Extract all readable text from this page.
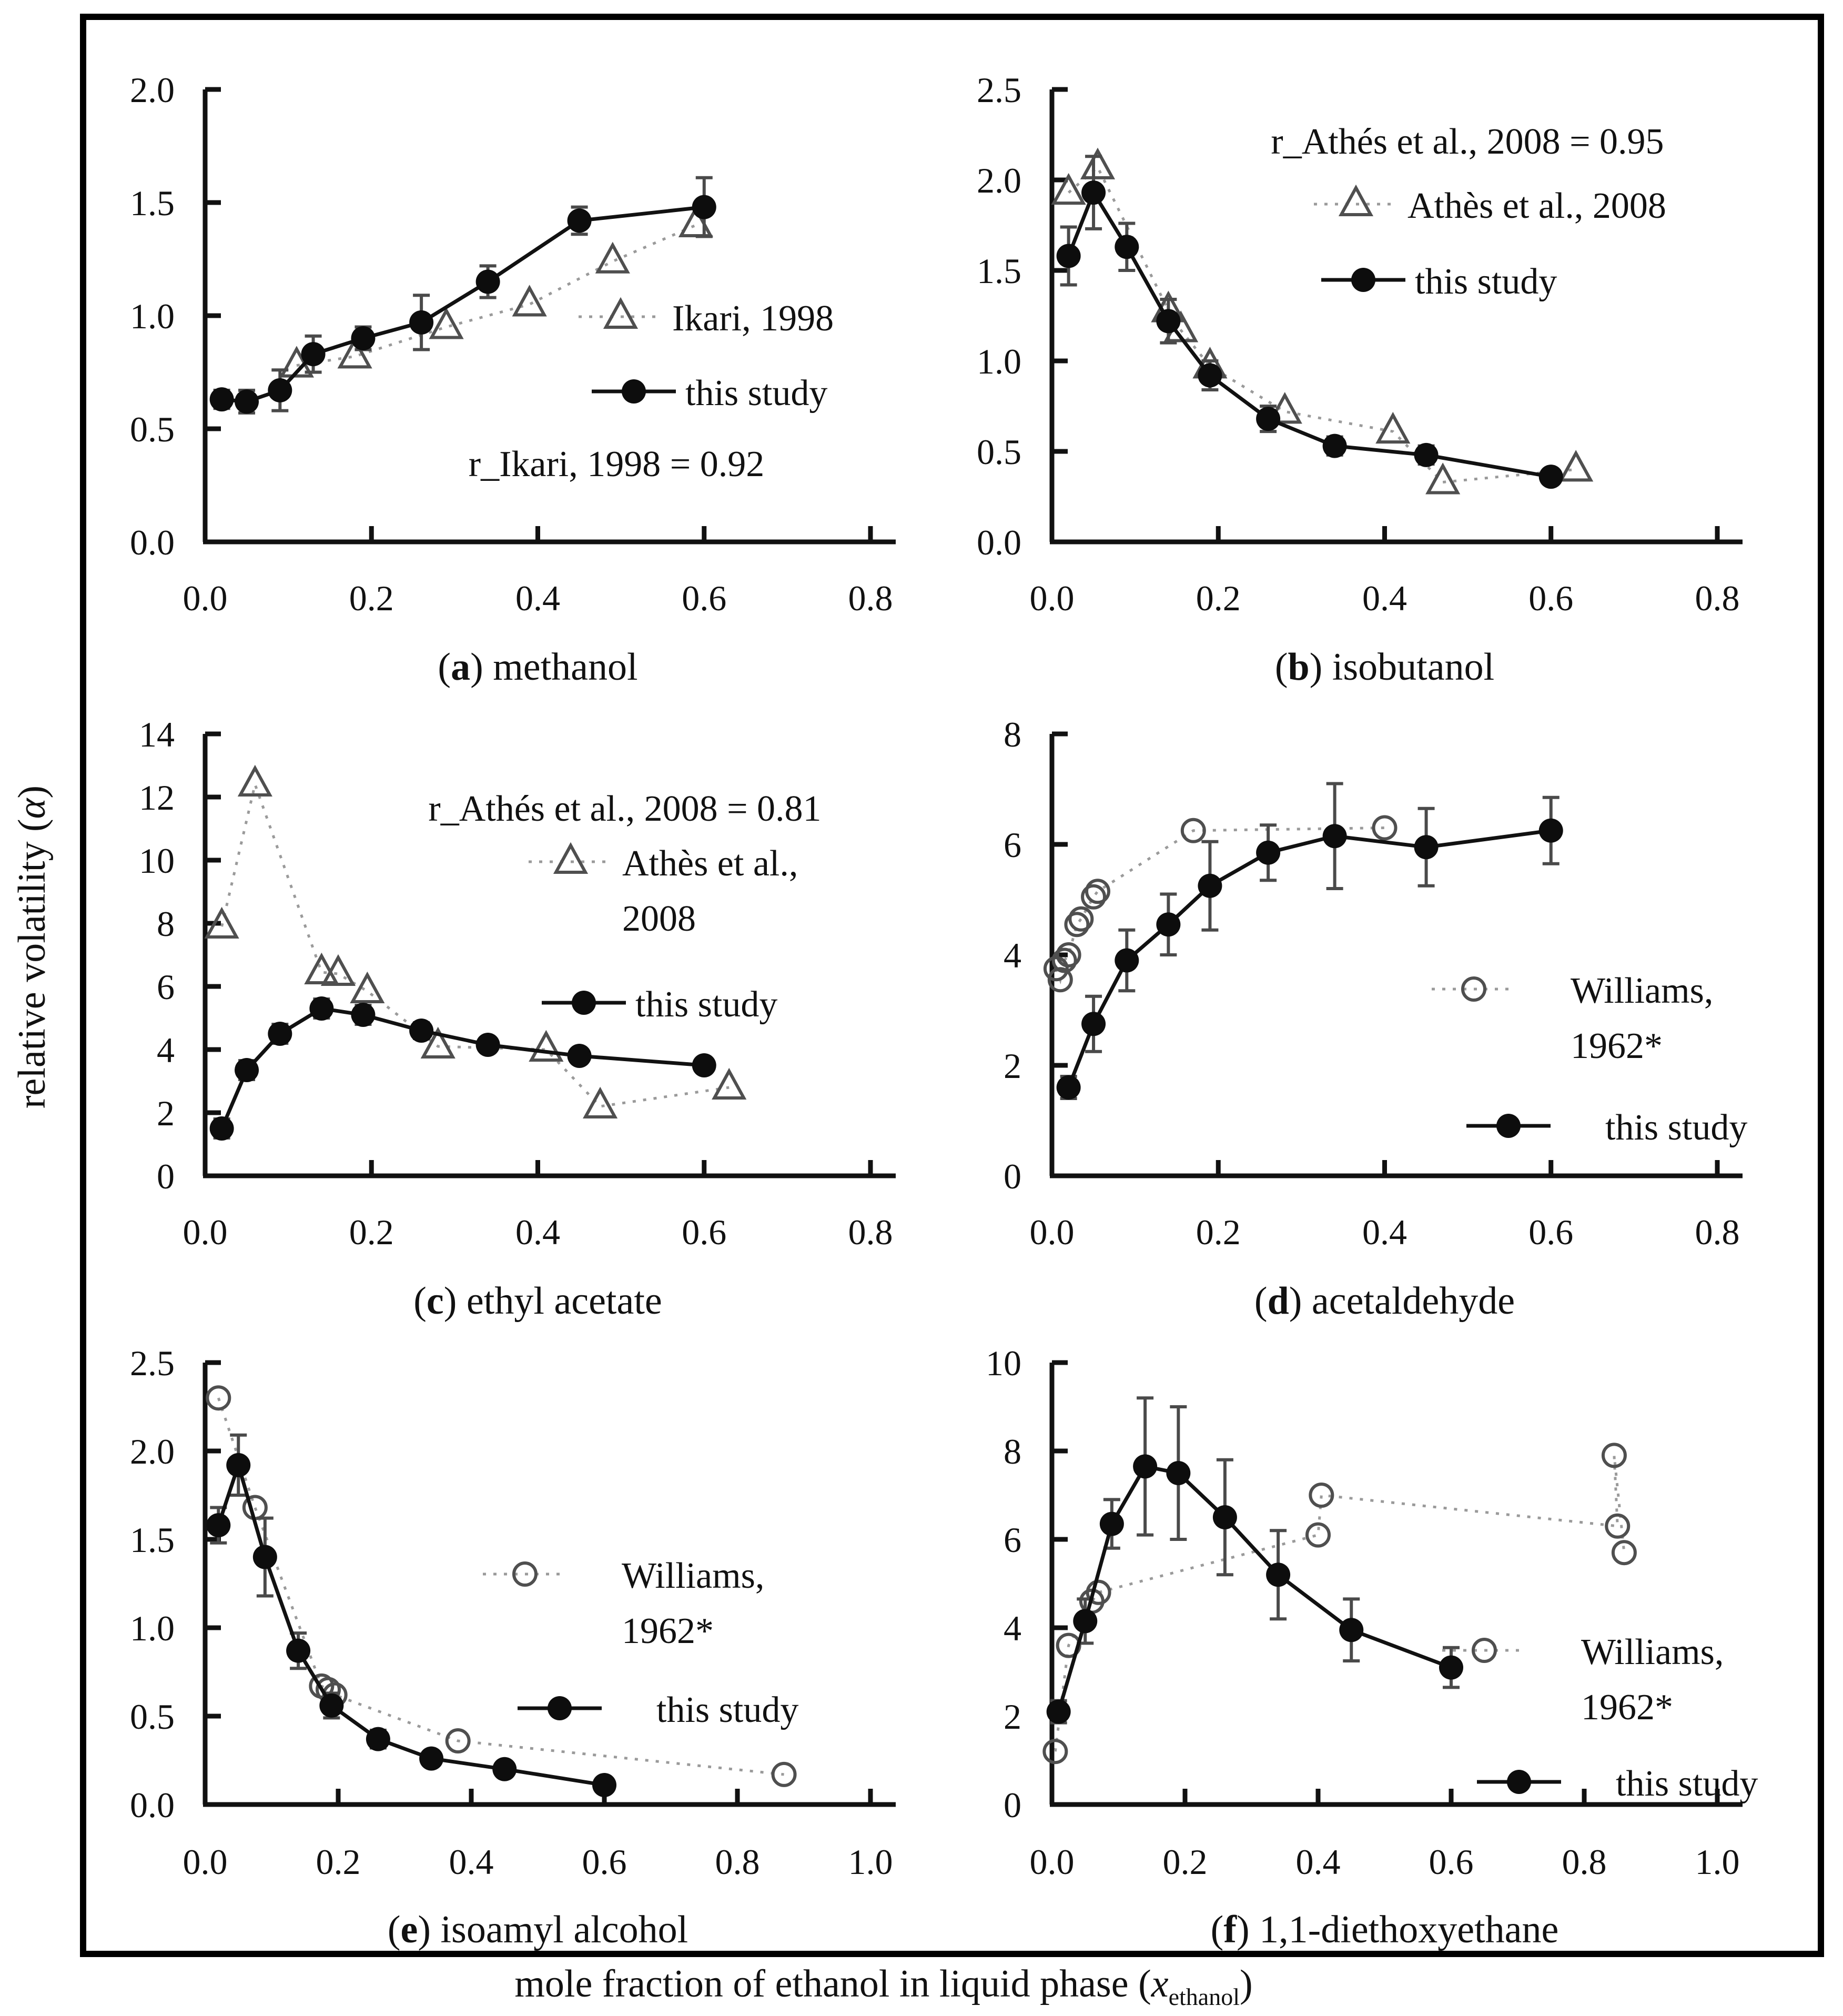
relative volatility (α)
mole fraction of ethanol in liquid phase $(x_{ethanol})$
0.0
0.5
1.0
1.5
2.0
0.0	0.2	0.4	0.6	0.8
Ikari, 1998
this study
r_Ikari, 1998 = 0.92
(a) methanol
0.0
0.5
1.0
1.5
2.0
2.5
0.0	0.2	0.4	0.6	0.8
Athès et al., 2008
this study
r_Athés et al., 2008 = 0.95
(b) isobutanol
0
2
4
6
8
10
12
14
0.0	0.2	0.4	0.6	0.8
Athès et al.,
2008
this study
r_Athés et al., 2008 = 0.81
(c) ethyl acetate
0
2
4
6
8
0.0	0.2	0.4	0.6	0.8
Williams,
1962*
this study
(d) acetaldehyde
0.0
0.5
1.0
1.5
2.0
2.5
0.0 0.2 0.4 0.6 0.8 1.0
Williams,
1962*
this study
(e) isoamyl alcohol
0
2
4
6
8
10
0.0 0.2 0.4 0.6 0.8 1.0
Williams,
1962*
this study
(f) 1,1-diethoxyethane
